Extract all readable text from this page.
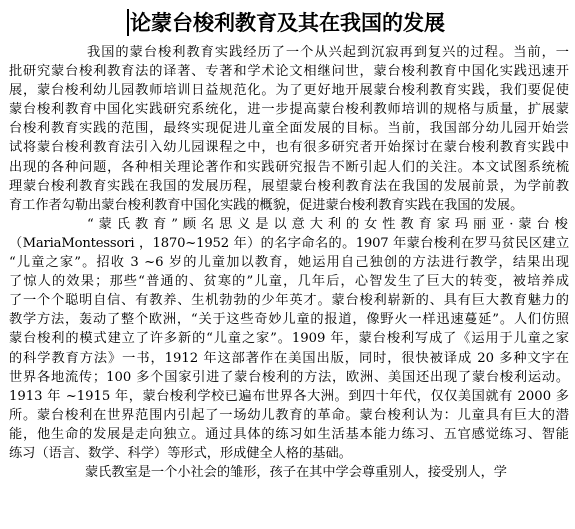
论蒙台梭利教育及其在我国的发展
我国的蒙台梭利教育实践经历了一个从兴起到沉寂再到复兴的过程。当前，一
批研究蒙台梭利教育法的译著、专著和学术论文相继问世，蒙台梭利教育中国化实践迅速开
展，蒙台梭利幼儿园教师培训日益规范化。为了更好地开展蒙台梭利教育实践，我们要促使
蒙台梭利教育中国化实践研究系统化，进一步提高蒙台梭利教师培训的规格与质量，扩展蒙
台梭利教育实践的范围，最终实现促进儿童全面发展的目标。当前，我国部分幼儿园开始尝
试将蒙台梭利教育法引入幼儿园课程之中，也有很多研究者开始探讨在蒙台梭利教育实践中
出现的各种问题，各种相关理论著作和实践研究报告不断引起人们的关注。本文试图系统梳
理蒙台梭利教育实践在我国的发展历程，展望蒙台梭利教育法在我国的发展前景，为学前教
育工作者勾勒出蒙台梭利教育中国化实践的概貌，促进蒙台梭利教育实践在我国的发展。
“蒙氏教育”顾名思义是以意大利的女性教育家玛丽亚·蒙台梭
（MariaMontessori ，1870~1952 年）的名字命名的。1907 年蒙台梭利在罗马贫民区建立
“儿童之家”。招收 3 ~6 岁的儿童加以教育，她运用自己独创的方法进行教学，结果出现
了惊人的效果；那些“普通的、贫寒的”儿童，几年后，心智发生了巨大的转变，被培养成
了一个个聪明自信、有教养、生机勃勃的少年英才。蒙台梭利崭新的、具有巨大教育魅力的
教学方法，轰动了整个欧洲，“关于这些奇妙儿童的报道，像野火一样迅速蔓延”。人们仿照
蒙台梭利的模式建立了许多新的“儿童之家”。1909 年，蒙台梭利写成了《运用于儿童之家
的科学教育方法》一书，1912 年这部著作在美国出版，同时，很快被译成 20 多种文字在
世界各地流传；100 多个国家引进了蒙台梭利的方法，欧洲、美国还出现了蒙台梭利运动。
1913 年 ~1915 年，蒙台梭利学校已遍布世界各大洲。到四十年代，仅仅美国就有 2000 多
所。蒙台梭利在世界范围内引起了一场幼儿教育的革命。蒙台梭利认为：儿童具有巨大的潜
能，他生命的发展是走向独立。通过具体的练习如生活基本能力练习、五官感觉练习、智能
练习（语言、数学、科学）等形式，形成健全人格的基础。
蒙氏教室是一个小社会的雏形，孩子在其中学会尊重别人，接受别人，学
